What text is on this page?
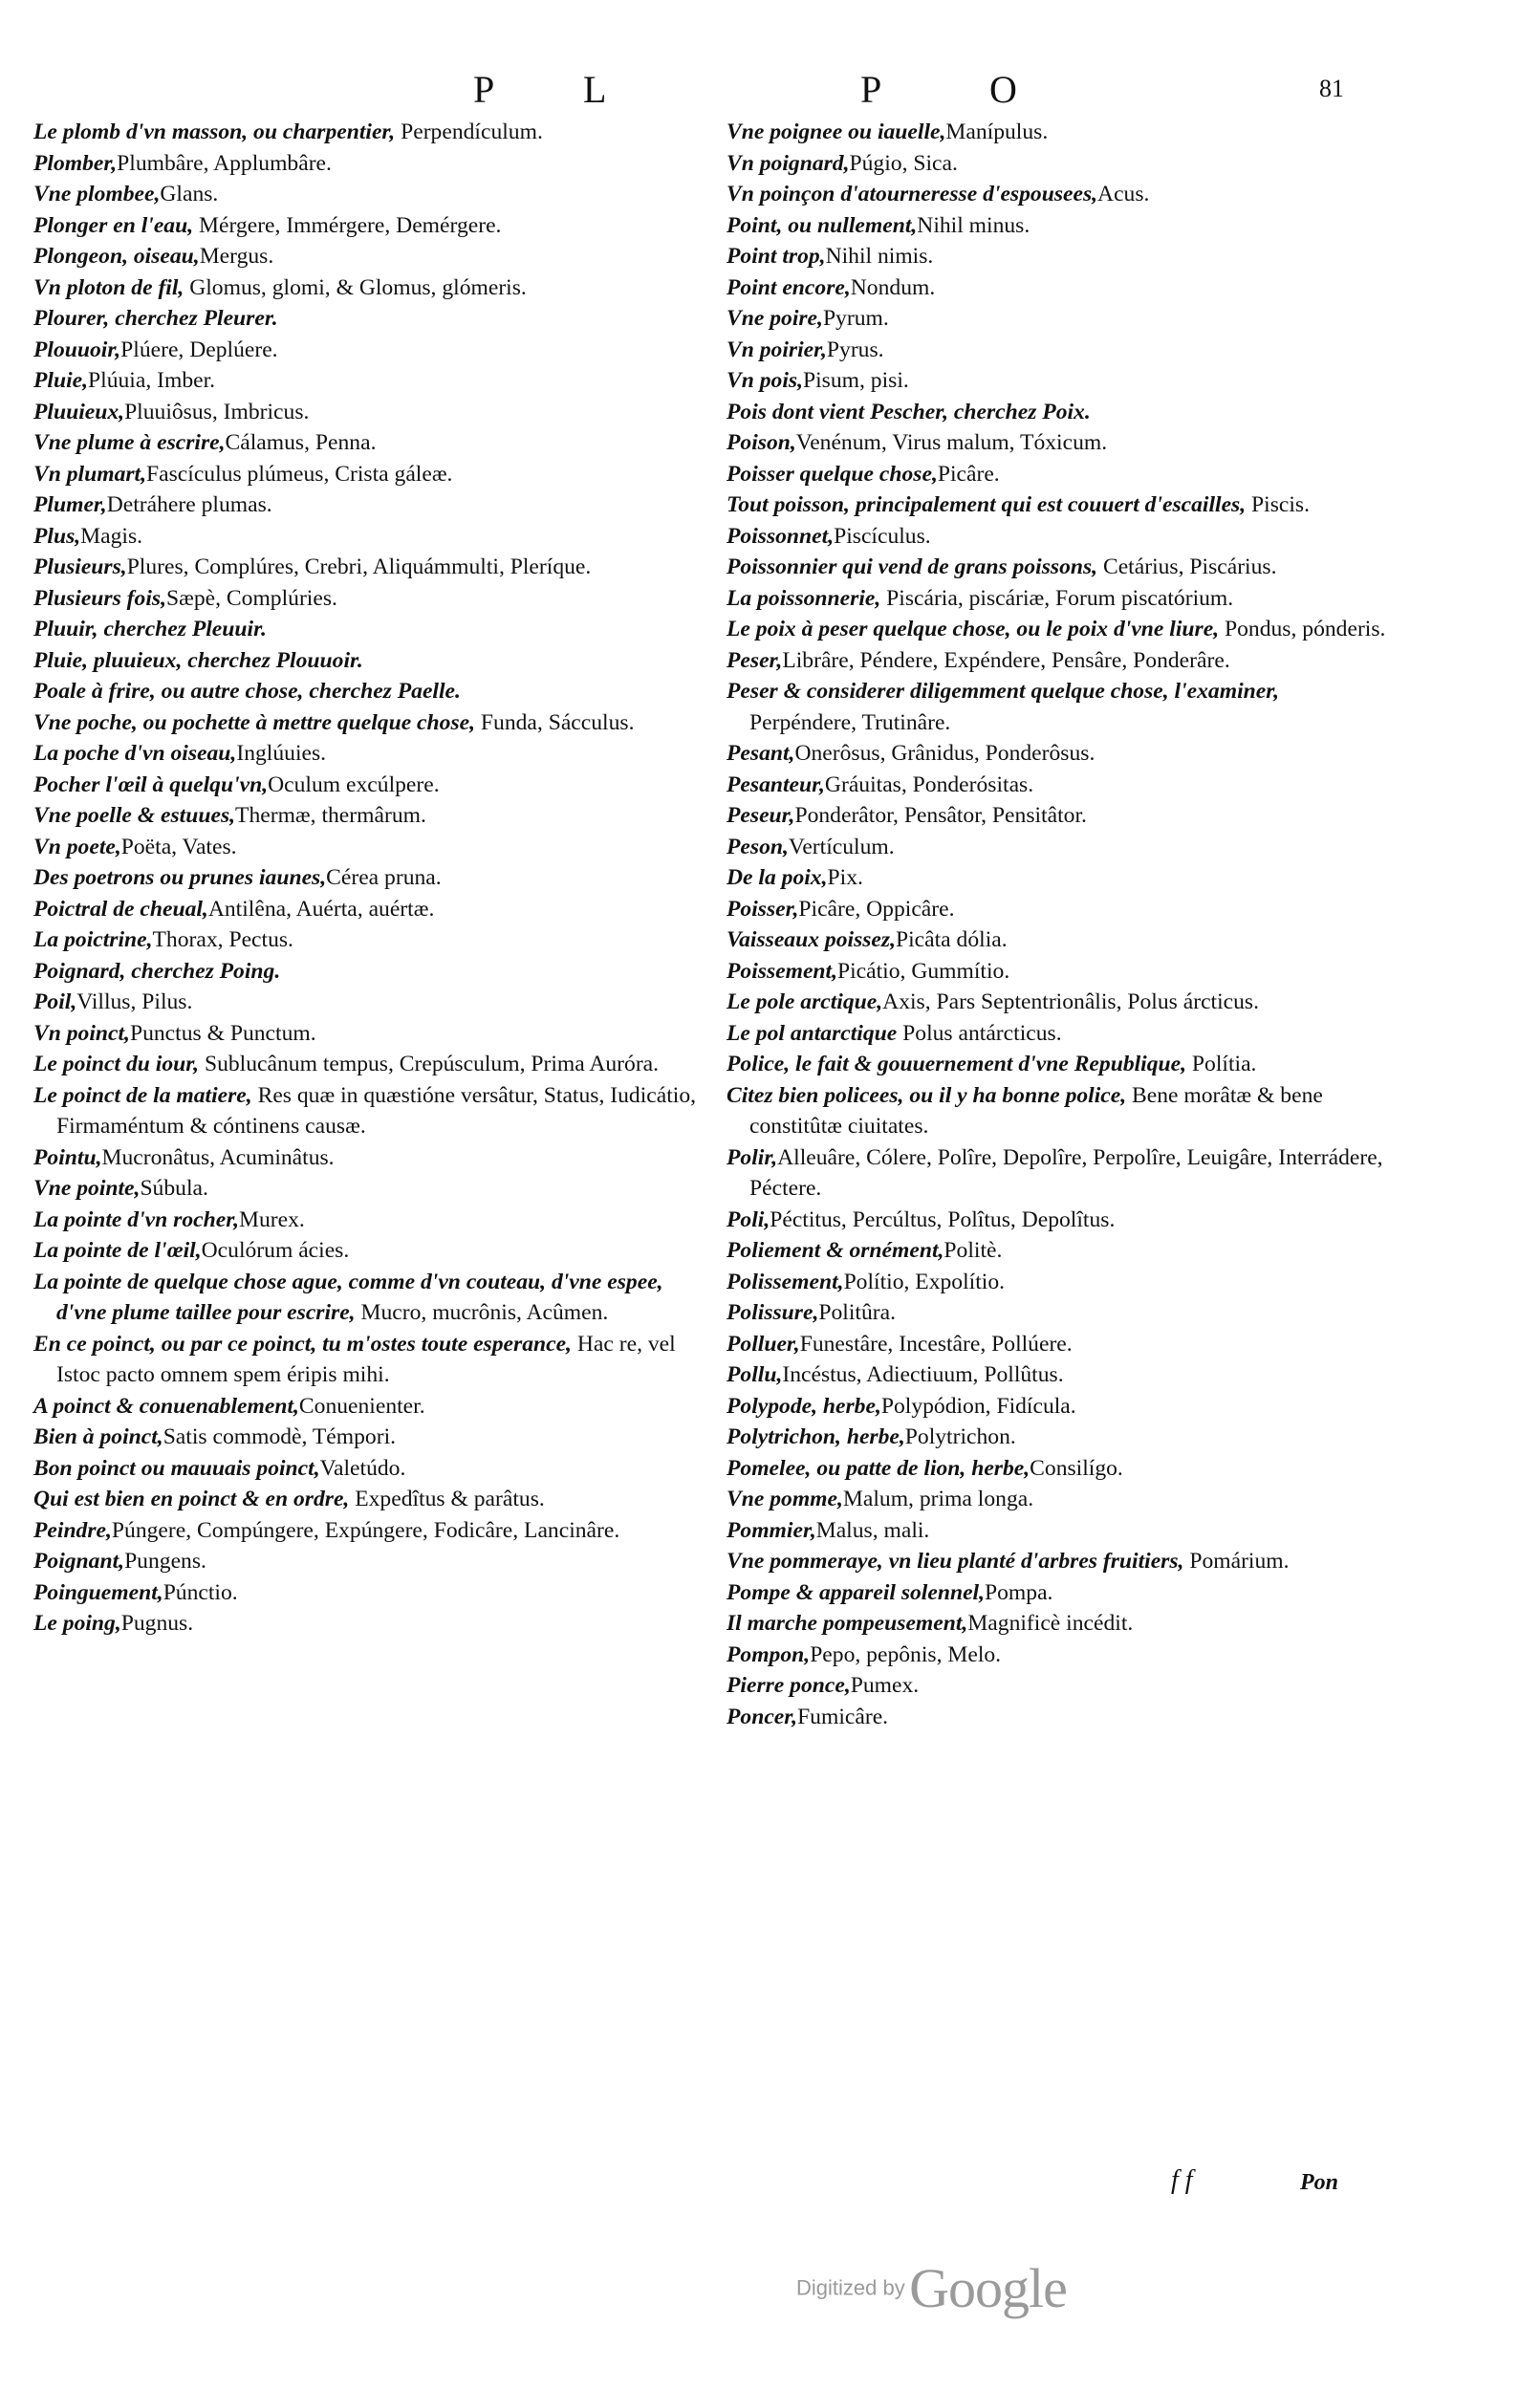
P L	P	O	81
Le plomb d'vn masson, ou charpentier, Perpendículum.
Plomber,Plumbâre, Applumbâre.
Vne plombee,Glans.
Plonger en l'eau, Mérgere, Immérgere, Demérgere.
Plongeon, oiseau,Mergus.
Vn ploton de fil, Glomus, glomi, & Glomus, glómeris.
Plourer, cherchez Pleurer.
Plouuoir,Plúere, Deplúere.
Pluie,Plúuia, Imber.
Pluuieux,Pluuiôsus, Imbricus.
Vne plume à escrire,Cálamus, Penna.
Vn plumart,Fascículus plúmeus, Crista gáleæ.
Plumer,Detráhere plumas.
Plus,Magis.
Plusieurs,Plures, Complúres, Crebri, Aliquámmulti, Pleríque.
Plusieurs fois,Sæpè, Complúries.
Pluuir, cherchez Pleuuir.
Pluie, pluuieux, cherchez Plouuoir.
Poale à frire, ou autre chose, cherchez Paelle.
Vne poche, ou pochette à mettre quelque chose, Funda, Sácculus.
La poche d'vn oiseau,Inglúuies.
Pocher l'œil à quelqu'vn,Oculum excúlpere.
Vne poelle & estuues,Thermæ, thermârum.
Vn poete,Poëta, Vates.
Des poetrons ou prunes iaunes,Cérea pruna.
Poictral de cheual,Antilêna, Auérta, auértæ.
La poictrine,Thorax, Pectus.
Poignard, cherchez Poing.
Poil,Villus, Pilus.
Vn poinct,Punctus & Punctum.
Le poinct du iour, Sublucânum tempus, Crepúsculum, Prima Auróra.
Le poinct de la matiere, Res quæ in quæstióne versâtur, Status, Iudicátio, Firmaméntum & cóntinens causæ.
Pointu,Mucronâtus, Acuminâtus.
Vne pointe,Súbula.
La pointe d'vn rocher,Murex.
La pointe de l'œil,Oculórum ácies.
La pointe de quelque chose ague, comme d'vn couteau, d'vne espee, d'vne plume taillee pour escrire, Mucro, mucrônis, Acûmen.
En ce poinct, ou par ce poinct, tu m'ostes toute esperance, Hac re, vel Istoc pacto omnem spem éripis mihi.
A poinct & conuenablement,Conuenienter.
Bien à poinct,Satis commodè, Témpori.
Bon poinct ou mauuais poinct,Valetúdo.
Qui est bien en poinct & en ordre, Expedîtus & parâtus.
Peindre,Púngere, Compúngere, Expúngere, Fodicâre, Lancinâre.
Poignant,Pungens.
Poinguement,Púnctio.
Le poing,Pugnus.
Vne poignee ou iauelle,Manípulus.
Vn poignard,Púgio, Sica.
Vn poinçon d'atourneresse d'espousees,Acus.
Point, ou nullement,Nihil minus.
Point trop,Nihil nimis.
Point encore,Nondum.
Vne poire,Pyrum.
Vn poirier,Pyrus.
Vn pois,Pisum, pisi.
Pois dont vient Pescher, cherchez Poix.
Poison,Venénum, Virus malum, Tóxicum.
Poisser quelque chose,Picâre.
Tout poisson, principalement qui est couuert d'escailles, Piscis.
Poissonnet,Piscículus.
Poissonnier qui vend de grans poissons, Cetárius, Piscárius.
La poissonnerie, Piscária, piscáriæ, Forum piscatórium.
Le poix à peser quelque chose, ou le poix d'vne liure, Pondus, pónderis.
Peser,Librâre, Péndere, Expéndere, Pensâre, Ponderâre.
Peser & considerer diligemment quelque chose, l'examiner, Perpéndere, Trutinâre.
Pesant,Onerôsus, Grânidus, Ponderôsus.
Pesanteur,Gráuitas, Ponderósitas.
Peseur,Ponderâtor, Pensâtor, Pensitâtor.
Peson,Vertículum.
De la poix,Pix.
Poisser,Picâre, Oppicâre.
Vaisseaux poissez,Picâta dólia.
Poissement,Picátio, Gummítio.
Le pole arctique,Axis, Pars Septentrionâlis, Polus árcticus.
Le pol antarctique Polus antárcticus.
Police, le fait & gouuernement d'vne Republique, Polítia.
Citez bien policees, ou il y ha bonne police, Bene morâtæ & bene constitûtæ ciuitates.
Polir,Alleuâre, Cólere, Polîre, Depolîre, Perpolîre, Leuigâre, Interrádere, Péctere.
Poli,Péctitus, Percúltus, Polîtus, Depolîtus.
Poliement & ornément,Politè.
Polissement,Polítio, Expolítio.
Polissure,Politûra.
Polluer,Funestâre, Incestâre, Pollúere.
Pollu,Incéstus, Adiectiuum, Pollûtus.
Polypode, herbe,Polypódion, Fidícula.
Polytrichon, herbe,Polytrichon.
Pomelee, ou patte de lion, herbe,Consilígo.
Vne pomme,Malum, prima longa.
Pommier,Malus, mali.
Vne pommeraye, vn lieu planté d'arbres fruitiers, Pomárium.
Pompe & appareil solennel,Pompa.
Il marche pompeusement,Magnificè incédit.
Pompon,Pepo, pepônis, Melo.
Pierre ponce,Pumex.
Poncer,Fumicâre.
f f	Pon
Digitized by Google
